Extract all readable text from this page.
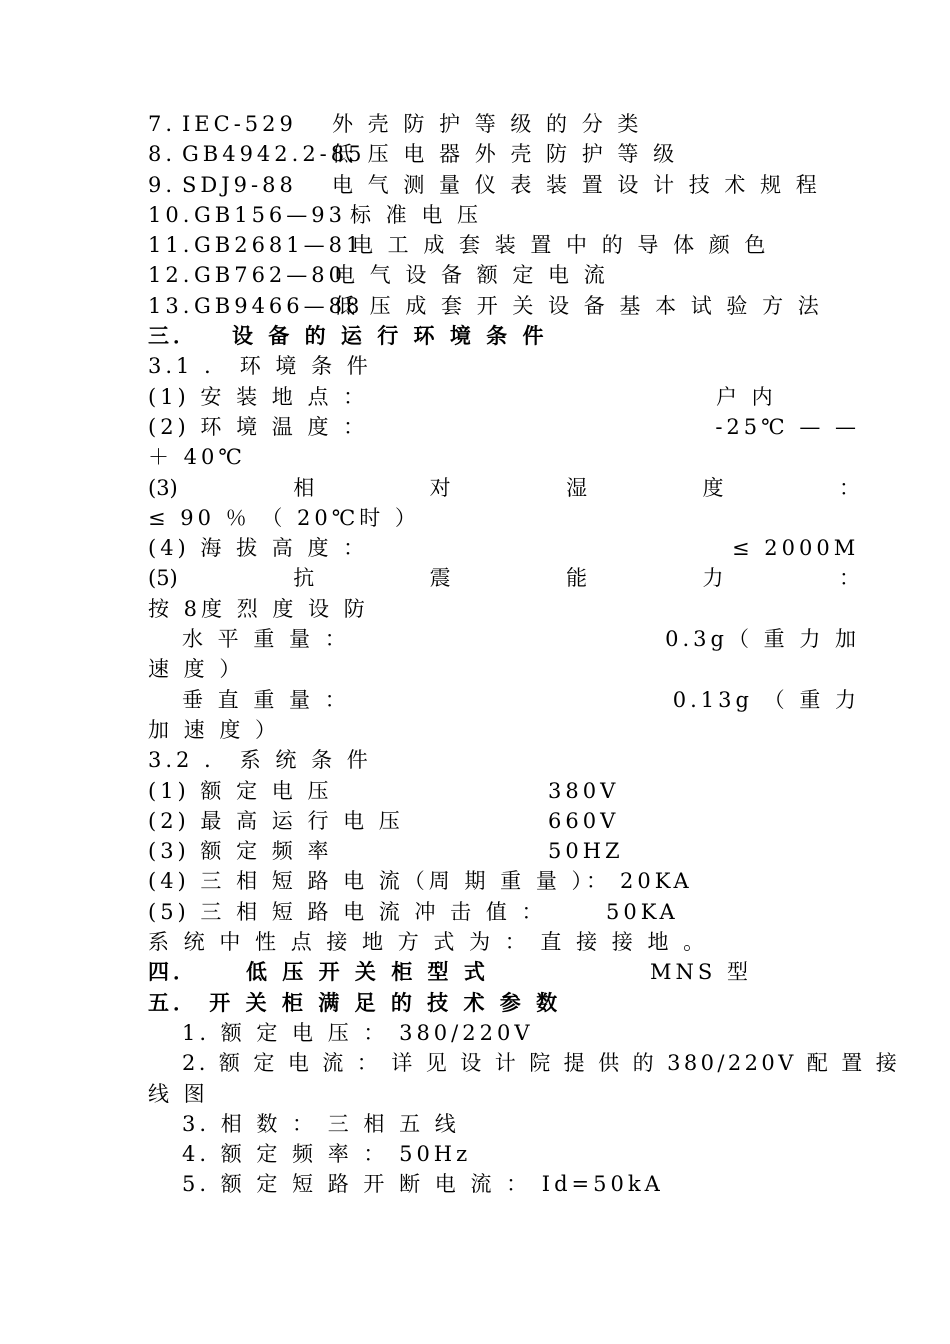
7. IEC-529 外 壳 防 护 等 级 的 分 类
8. GB4942.2-85
低 压 电 器 外 壳 防 护 等 级
9. SDJ9-88 电 气 测 量 仪 表 装 置 设 计 技 术 规 程
10. GB156—93 标 准 电 压
11. GB2681—81
电 工 成 套 装 置 中 的 导 体 颜 色
12. GB762—80
电 气 设 备 额 定 电 流
13. GB9466—88
低 压 成 套 开 关 设 备 基 本 试 验 方 法
三． 设 备 的 运 行 环 境 条 件
3.1 ． 环 境 条 件
(1) 安 装 地 点 ：	户 内
(2) 环 境 温 度 ：	-25℃ — —
＋ 40℃
(3)	相	对	湿	度	：
≤ 90 ％ （ 20℃时 ）
(4) 海 拔 高 度 ：	≤ 2000M
(5)	抗	震	能	力	：
按 8度 烈 度 设 防
水 平 重 量 ：	0.3g（ 重 力 加
速 度 ）
垂 直 重 量 ：	0.13g （ 重 力
加 速 度 ）
3.2 ． 系 统 条 件
(1) 额 定 电 压	380V
(2) 最 高 运 行 电 压	660V
(3) 额 定 频 率	50HZ
(4) 三 相 短 路 电 流（周 期 重 量 ）： 20KA
(5) 三 相 短 路 电 流 冲 击 值 ：	50KA
系 统 中 性 点 接 地 方 式 为 ： 直 接 接 地 。
四． 低 压 开 关 柜 型 式	MNS 型
五． 开 关 柜 满 足 的 技 术 参 数
1. 额 定 电 压 ： 380/220V
2. 额 定 电 流 ： 详 见 设 计 院 提 供 的 380/220V 配 置 接
线 图
3. 相 数 ： 三 相 五 线
4. 额 定 频 率 ： 50Hz
5. 额 定 短 路 开 断 电 流 ： Id=50kA
